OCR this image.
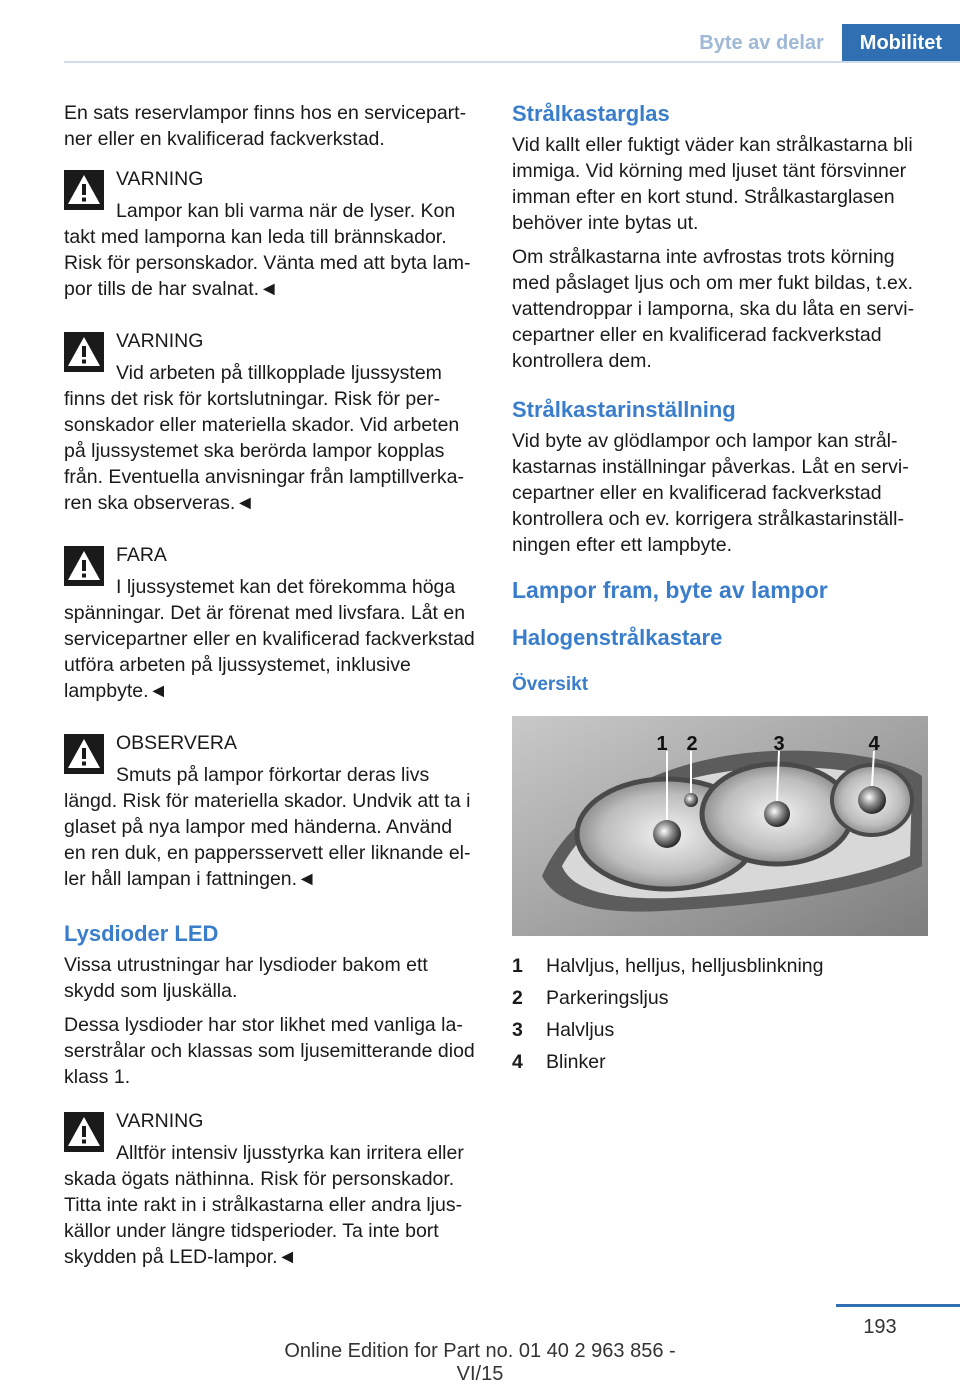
Byte av delar	Mobilitet

En sats reservlampor finns hos en servicepartner eller en kvalificerad fackverkstad.

VARNING
Lampor kan bli varma när de lyser. Kon
takt med lamporna kan leda till brännskador. Risk för personskador. Vänta med att byta lampor tills de har svalnat.◄
VARNING
Vid arbeten på tillkopplade ljussystem
finns det risk för kortslutningar. Risk för personskador eller materiella skador. Vid arbeten på ljussystemet ska berörda lampor kopplas från. Eventuella anvisningar från lamptillverkaren ska observeras.◄
FARA
I ljussystemet kan det förekomma höga
spänningar. Det är förenat med livsfara. Låt en servicepartner eller en kvalificerad fackverkstad utföra arbeten på ljussystemet, inklusive lampbyte.◄
OBSERVERA
Smuts på lampor förkortar deras livs
längd. Risk för materiella skador. Undvik att ta i glaset på nya lampor med händerna. Använd en ren duk, en pappersservett eller liknande eller håll lampan i fattningen.◄
Lysdioder LED

Vissa utrustningar har lysdioder bakom ett skydd som ljuskälla.

Dessa lysdioder har stor likhet med vanliga laserstrålar och klassas som ljusemitterande diod klass 1.

VARNING
Alltför intensiv ljusstyrka kan irritera eller
skada ögats näthinna. Risk för personskador. Titta inte rakt in i strålkastarna eller andra ljuskällor under längre tidsperioder. Ta inte bort skydden på LED-lampor.◄
Strålkastarglas

Vid kallt eller fuktigt väder kan strålkastarna bli immiga. Vid körning med ljuset tänt försvinner imman efter en kort stund. Strålkastarglasen behöver inte bytas ut.

Om strålkastarna inte avfrostas trots körning med påslaget ljus och om mer fukt bildas, t.ex. vattendroppar i lamporna, ska du låta en servicepartner eller en kvalificerad fackverkstad kontrollera dem.

Strålkastarinställning

Vid byte av glödlampor och lampor kan strålkastarnas inställningar påverkas. Låt en servicepartner eller en kvalificerad fackverkstad kontrollera och ev. korrigera strålkastarinställningen efter ett lampbyte.

Lampor fram, byte av lampor
Halogenstrålkastare
Översikt
1 2	3	4
1	Halvljus, helljus, helljusblinkning
2	Parkeringsljus
3	Halvljus
4	Blinker
193
Online Edition for Part no. 01 40 2 963 856 - VI/15
